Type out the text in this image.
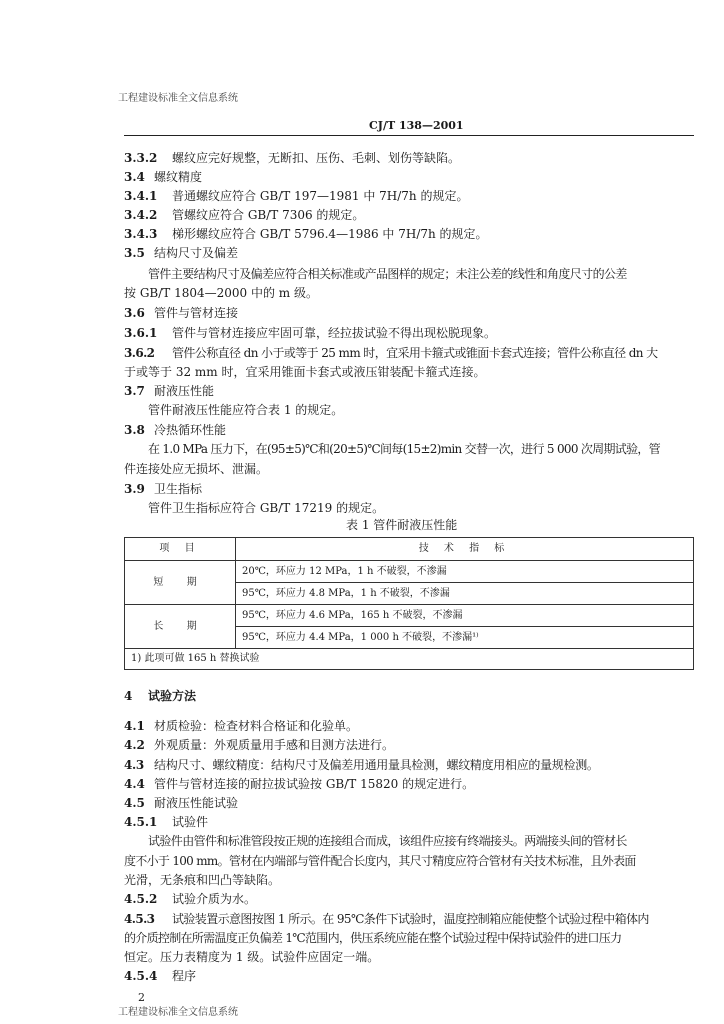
工程建设标准全文信息系统
CJ/T 138—2001
3.3.2 螺纹应完好规整，无断扣、压伤、毛刺、划伤等缺陷。
3.4 螺纹精度
3.4.1 普通螺纹应符合 GB/T 197—1981 中 7H/7h 的规定。
3.4.2 管螺纹应符合 GB/T 7306 的规定。
3.4.3 梯形螺纹应符合 GB/T 5796.4—1986 中 7H/7h 的规定。
3.5 结构尺寸及偏差
管件主要结构尺寸及偏差应符合相关标准或产品图样的规定；未注公差的线性和角度尺寸的公差
按 GB/T 1804—2000 中的 m 级。
3.6 管件与管材连接
3.6.1 管件与管材连接应牢固可靠，经拉拔试验不得出现松脱现象。
3.6.2 管件公称直径 dn 小于或等于 25 mm 时，宜采用卡箍式或锥面卡套式连接；管件公称直径 dn 大
于或等于 32 mm 时，宜采用锥面卡套式或液压钳装配卡箍式连接。
3.7 耐液压性能
管件耐液压性能应符合表 1 的规定。
3.8 冷热循环性能
在 1.0 MPa 压力下，在(95±5)℃和(20±5)℃间每(15±2)min 交替一次，进行 5 000 次周期试验，管
件连接处应无损坏、泄漏。
3.9 卫生指标
管件卫生指标应符合 GB/T 17219 的规定。
表 1 管件耐液压性能
项 目	技 术 指 标
短 期	20℃，环应力 12 MPa，1 h 不破裂，不渗漏
	95℃，环应力 4.8 MPa，1 h 不破裂，不渗漏
长 期	95℃，环应力 4.6 MPa，165 h 不破裂，不渗漏
	95℃，环应力 4.4 MPa，1 000 h 不破裂，不渗漏¹⁾
1) 此项可做 165 h 替换试验	
4 试验方法
4.1 材质检验：检查材料合格证和化验单。
4.2 外观质量：外观质量用手感和目测方法进行。
4.3 结构尺寸、螺纹精度：结构尺寸及偏差用通用量具检测，螺纹精度用相应的量规检测。
4.4 管件与管材连接的耐拉拔试验按 GB/T 15820 的规定进行。
4.5 耐液压性能试验
4.5.1 试验件
试验件由管件和标准管段按正规的连接组合而成，该组件应接有终端接头。两端接头间的管材长
度不小于 100 mm。管材在内端部与管件配合长度内，其尺寸精度应符合管材有关技术标准，且外表面
光滑，无条痕和凹凸等缺陷。
4.5.2 试验介质为水。
4.5.3 试验装置示意图按图 1 所示。在 95℃条件下试验时，温度控制箱应能使整个试验过程中箱体内
的介质控制在所需温度正负偏差 1℃范围内，供压系统应能在整个试验过程中保持试验件的进口压力
恒定。压力表精度为 1 级。试验件应固定一端。
4.5.4 程序
2
工程建设标准全文信息系统
